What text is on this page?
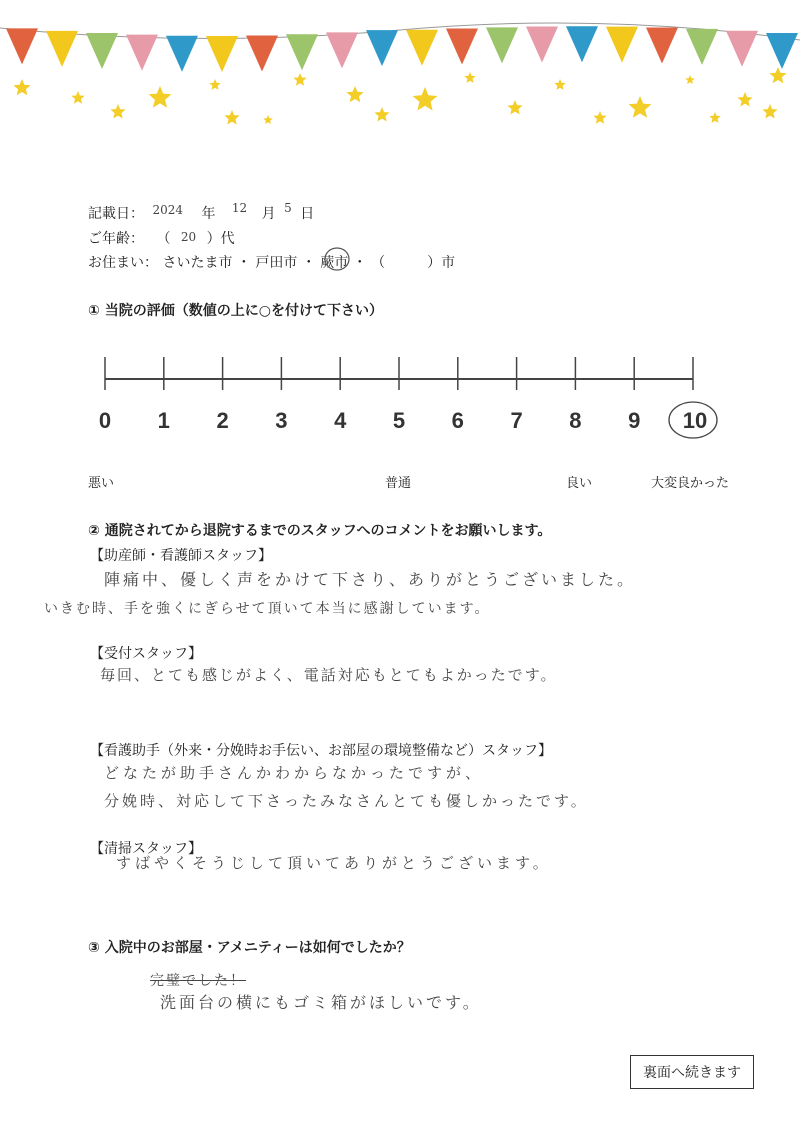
記載日： 2024 年 12 月 5 日
ご年齢： （ 20 ）代
お住まい： さいたま市 ・ 戸田市 ・ 蕨市 ・ （　　　）市
① 当院の評価（数値の上に○を付けて下さい）
0	1	2	3	4	5	6	7	8	9	10
悪い	普通	良い	大変良かった
② 通院されてから退院するまでのスタッフへのコメントをお願いします。
【助産師・看護師スタッフ】
陣痛中、優しく声をかけて下さり、ありがとうございました。
いきむ時、手を強くにぎらせて頂いて本当に感謝しています。
【受付スタッフ】
毎回、とても感じがよく、電話対応もとてもよかったです。
【看護助手（外来・分娩時お手伝い、お部屋の環境整備など）スタッフ】
どなたが助手さんかわからなかったですが、
分娩時、対応して下さったみなさんとても優しかったです。
【清掃スタッフ】
すばやくそうじして頂いてありがとうございます。
③ 入院中のお部屋・アメニティーは如何でしたか？
完璧でした！
洗面台の横にもゴミ箱がほしいです。
裏面へ続きます
